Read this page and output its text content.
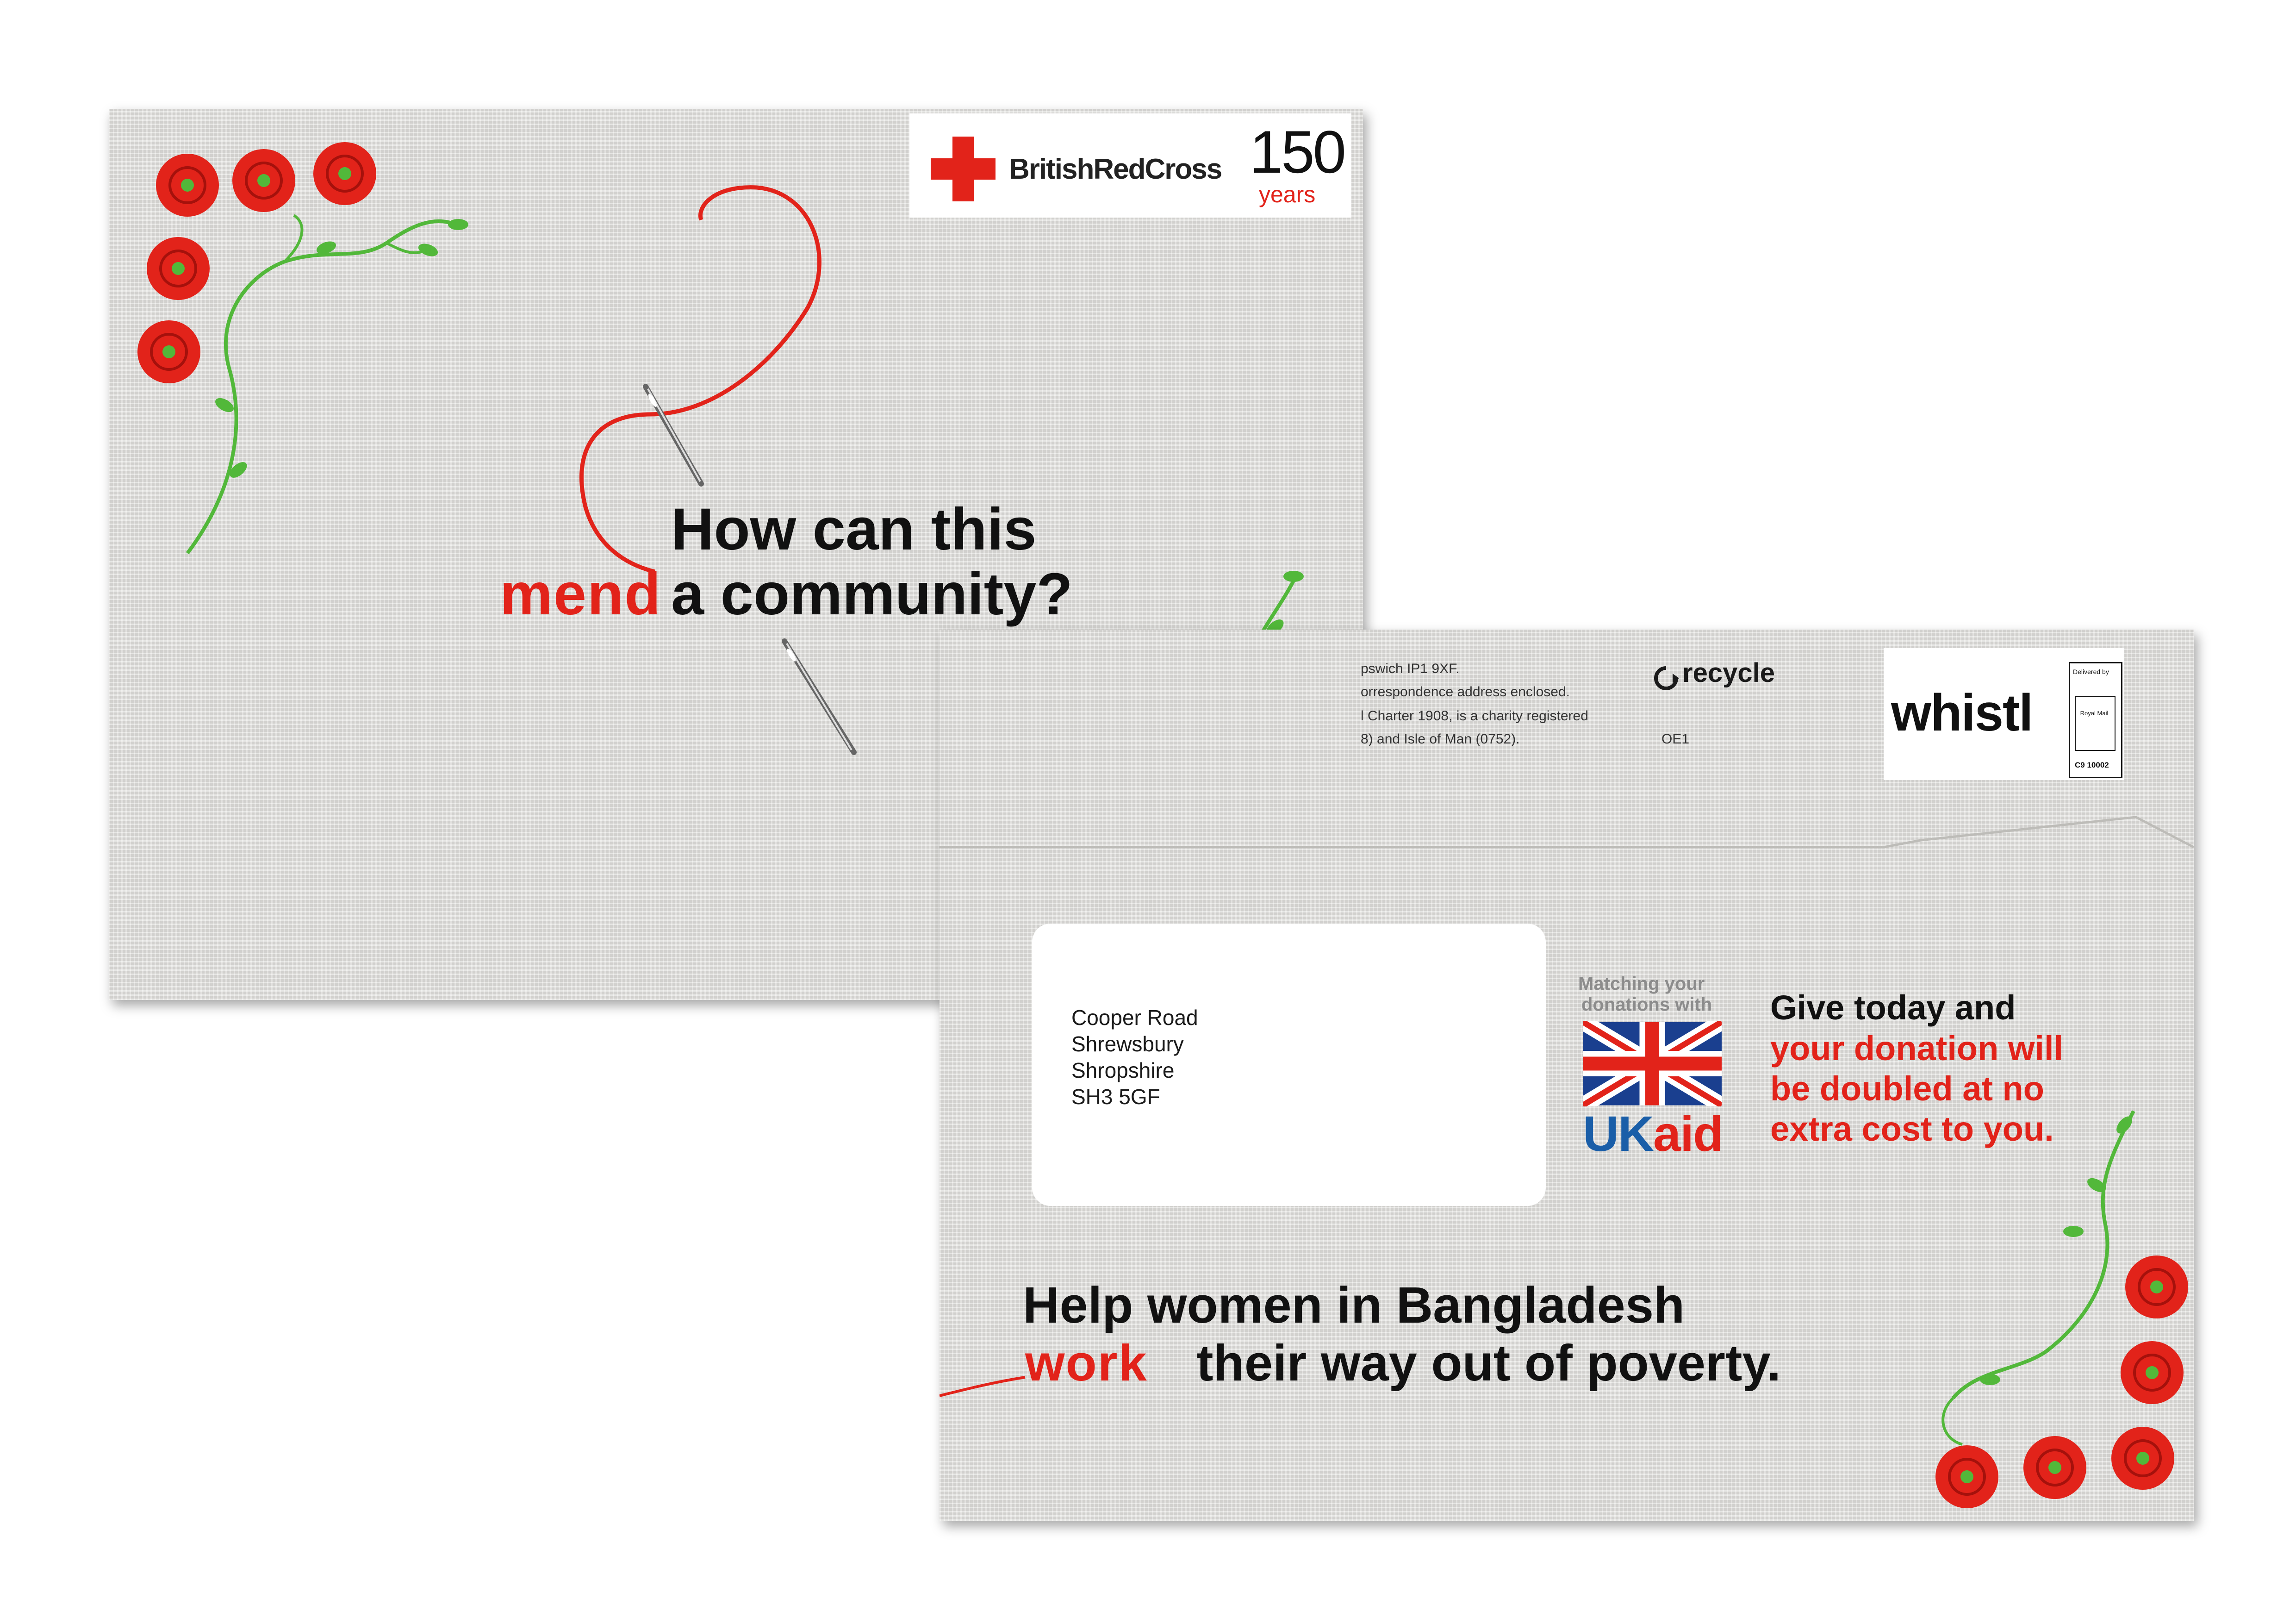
BritishRedCross 150
years
How can this
mend a community?
pswich IP1 9XF.
orrespondence address enclosed.
l Charter 1908, is a charity registered
8) and Isle of Man (0752).
recycle
OE1	whistl
Delivered by
Royal Mail
C9 10002
Cooper Road
Shrewsbury
Shropshire
SH3 5GF
Matching your
donations with
UKaid
Give today and
your donation will
be doubled at no
extra cost to you.
Help women in Bangladesh
work their way out of poverty.
